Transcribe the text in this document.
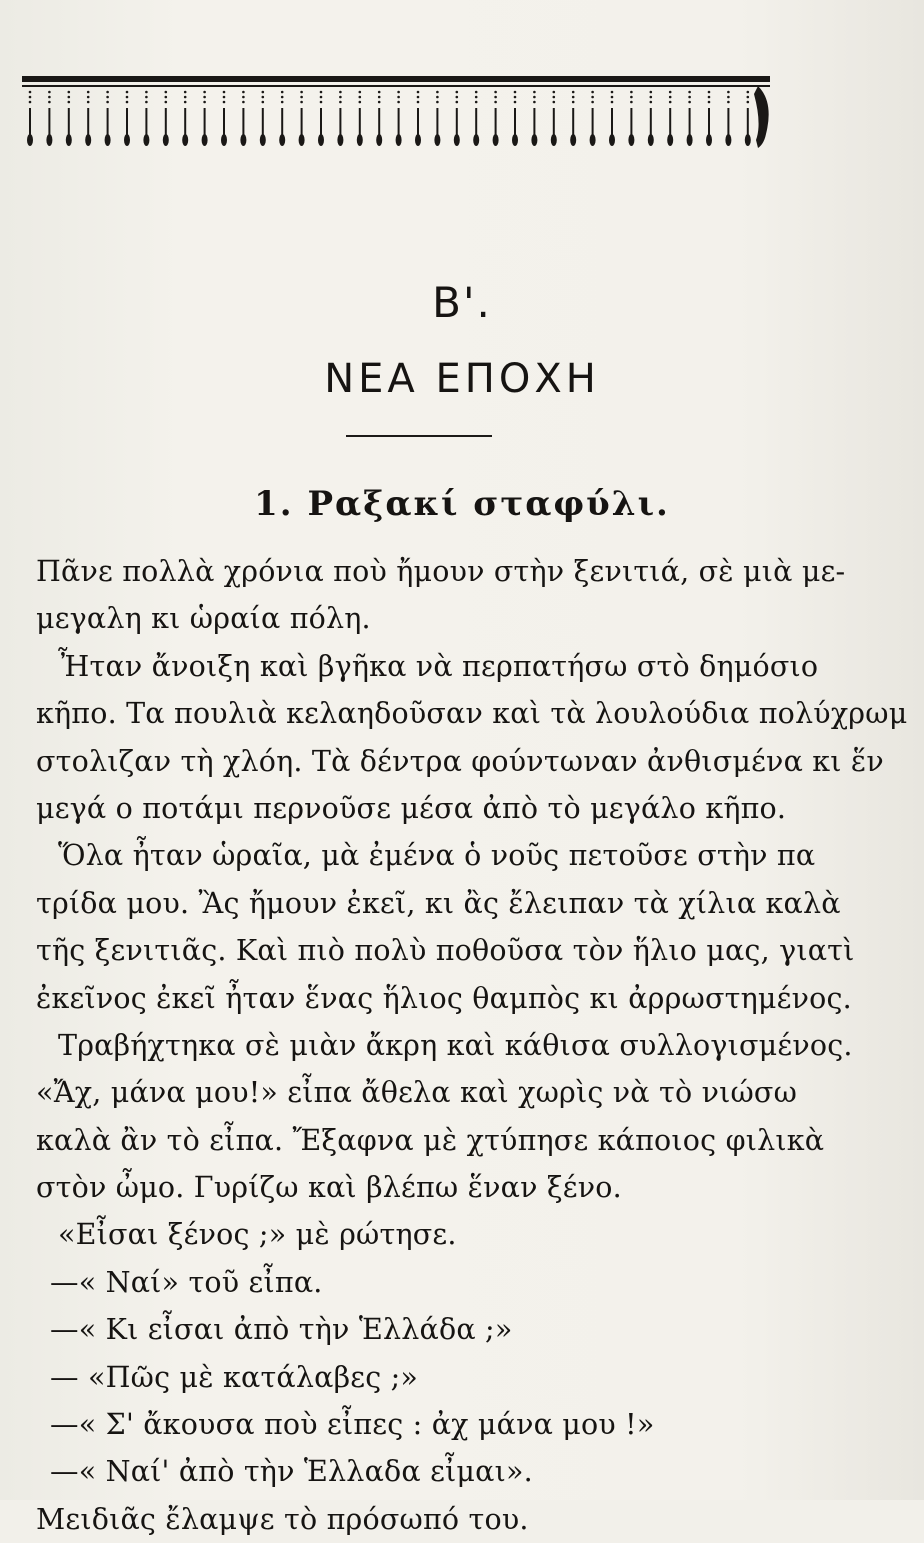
Β'.
ΝΕΑ ΕΠΟΧΗ
1. Ραξακί σταφύλι.
Πᾶνε πολλὰ χρόνια ποὺ ἤμουν στὴν ξενιτιά, σὲ μιὰ με-
μεγαλη κι ὡραία πόλη.
Ἦταν ἄνοιξη καὶ βγῆκα νὰ περπατήσω στὸ δημόσιο
κῆπο. Τα πουλιὰ κελαηδοῦσαν καὶ τὰ λουλούδια πολύχρωμ
στολιζαν τὴ χλόη. Τὰ δέντρα φούντωναν ἀνθισμένα κι ἕν
μεγά ο ποτάμι περνοῦσε μέσα ἀπὸ τὸ μεγάλο κῆπο.
Ὅλα ἦταν ὡραῖα, μὰ ἐμένα ὁ νοῦς πετοῦσε στὴν πα
τρίδα μου. Ἂς ἤμουν ἐκεῖ, κι ἂς ἔλειπαν τὰ χίλια καλὰ
τῆς ξενιτιᾶς. Καὶ πιὸ πολὺ ποθοῦσα τὸν ἥλιο μας, γιατὶ
ἐκεῖνος ἐκεῖ ἦταν ἕνας ἥλιος θαμπὸς κι ἀρρωστημένος.
Τραβήχτηκα σὲ μιὰν ἄκρη καὶ κάθισα συλλογισμένος.
«Ἄχ, μάνα μου!» εἶπα ἄθελα καὶ χωρὶς νὰ τὸ νιώσω
καλὰ ἂν τὸ εἶπα. Ἔξαφνα μὲ χτύπησε κάποιος φιλικὰ
στὸν ὦμο. Γυρίζω καὶ βλέπω ἕναν ξένο.
«Εἶσαι ξένος ;» μὲ ρώτησε.
—« Ναί» τοῦ εἶπα.
—« Κι εἶσαι ἀπὸ τὴν Ἑλλάδα ;»
— «Πῶς μὲ κατάλαβες ;»
—« Σ' ἄκουσα ποὺ εἶπες : ἀχ μάνα μου !»
—« Ναί' ἀπὸ τὴν Ἑλλαδα εἶμαι».
Μειδιᾶς ἔλαμψε τὸ πρόσωπό του.
